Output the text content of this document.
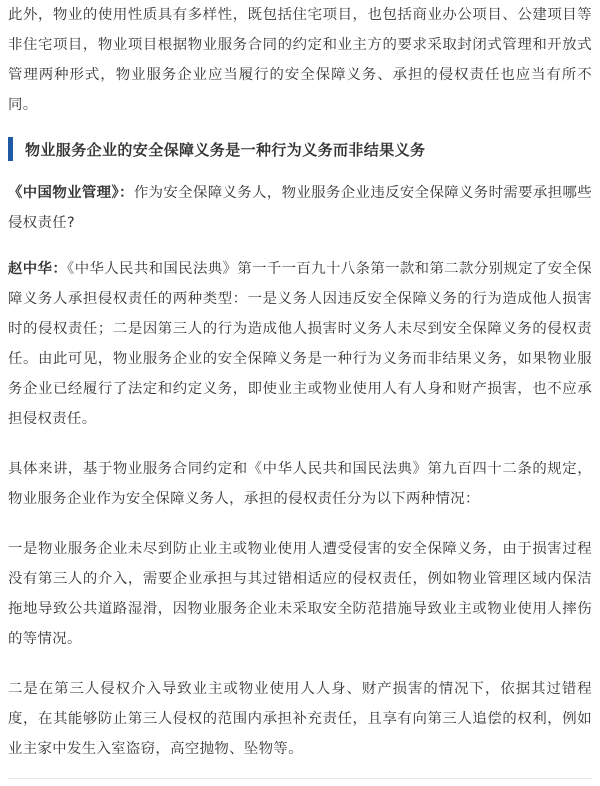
此外，物业的使用性质具有多样性，既包括住宅项目，也包括商业办公项目、公建项目等非住宅项目，物业项目根据物业服务合同的约定和业主方的要求采取封闭式管理和开放式管理两种形式，物业服务企业应当履行的安全保障义务、承担的侵权责任也应当有所不同。

物业服务企业的安全保障义务是一种行为义务而非结果义务

《中国物业管理》：作为安全保障义务人，物业服务企业违反安全保障义务时需要承担哪些侵权责任?

赵中华：《中华人民共和国民法典》第一千一百九十八条第一款和第二款分别规定了安全保障义务人承担侵权责任的两种类型：一是义务人因违反安全保障义务的行为造成他人损害时的侵权责任；二是因第三人的行为造成他人损害时义务人未尽到安全保障义务的侵权责任。由此可见，物业服务企业的安全保障义务是一种行为义务而非结果义务，如果物业服务企业已经履行了法定和约定义务，即使业主或物业使用人有人身和财产损害，也不应承担侵权责任。

具体来讲，基于物业服务合同约定和《中华人民共和国民法典》第九百四十二条的规定，物业服务企业作为安全保障义务人，承担的侵权责任分为以下两种情况：

一是物业服务企业未尽到防止业主或物业使用人遭受侵害的安全保障义务，由于损害过程没有第三人的介入，需要企业承担与其过错相适应的侵权责任，例如物业管理区域内保洁拖地导致公共道路湿滑，因物业服务企业未采取安全防范措施导致业主或物业使用人摔伤的等情况。

二是在第三人侵权介入导致业主或物业使用人人身、财产损害的情况下，依据其过错程度，在其能够防止第三人侵权的范围内承担补充责任，且享有向第三人追偿的权利，例如业主家中发生入室盗窃，高空抛物、坠物等。
